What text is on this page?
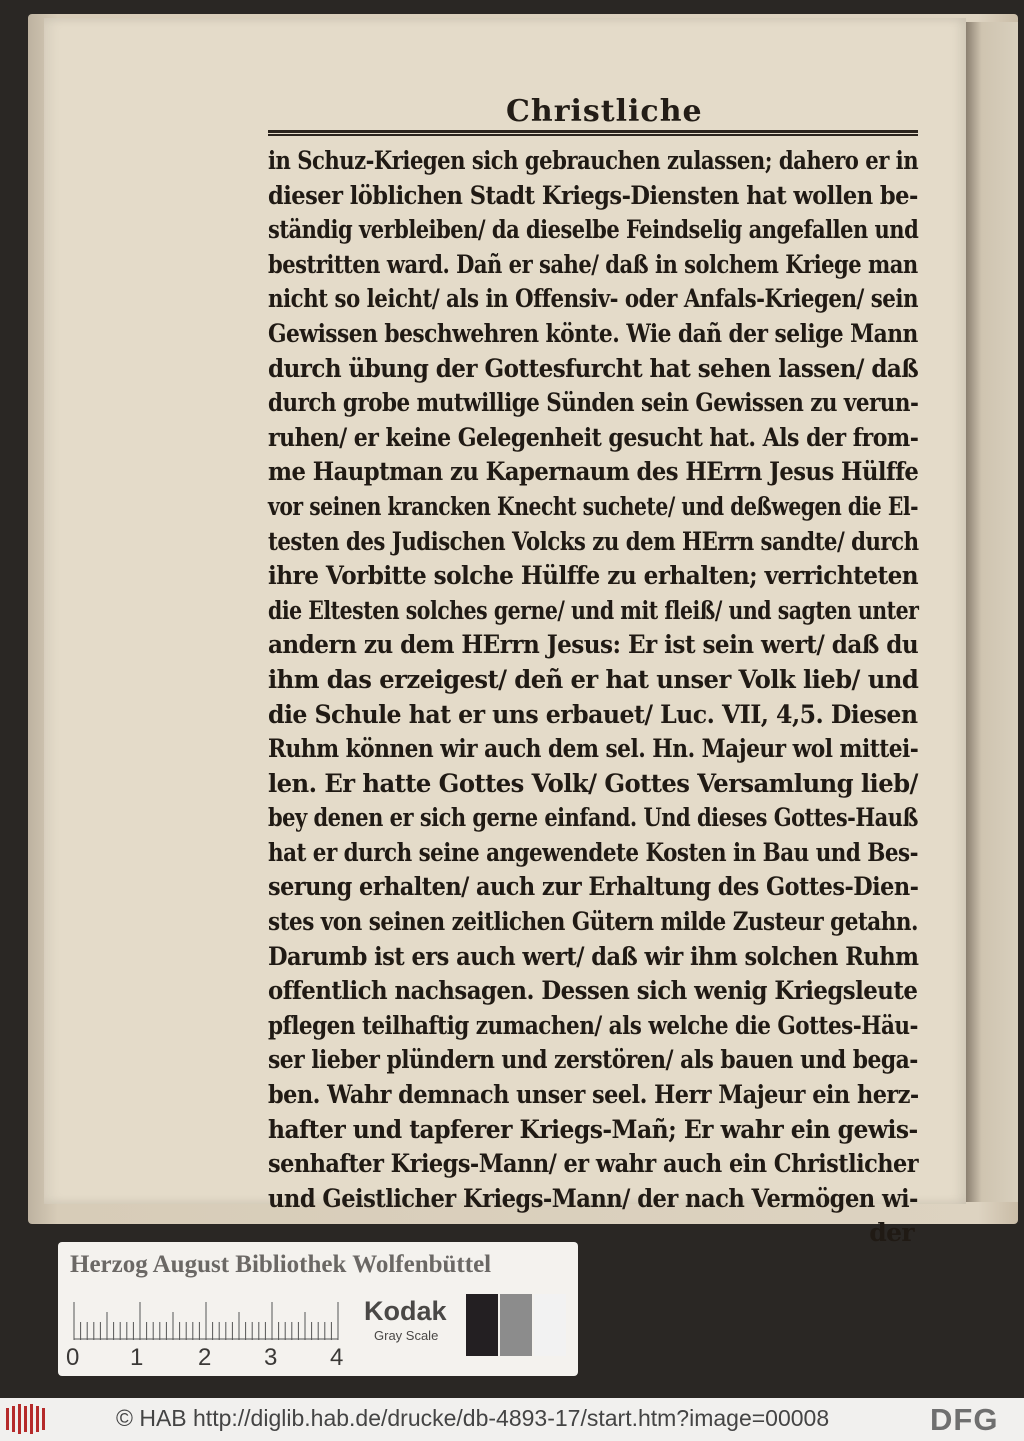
Christliche
in Schuz-Kriegen sich gebrauchen zulassen; dahero er in
dieser löblichen Stadt Kriegs-Diensten hat wollen be-
ständig verbleiben/ da dieselbe Feindselig angefallen und
bestritten ward. Dañ er sahe/ daß in solchem Kriege man
nicht so leicht/ als in Offensiv- oder Anfals-Kriegen/ sein
Gewissen beschwehren könte. Wie dañ der selige Mann
durch übung der Gottesfurcht hat sehen lassen/ daß
durch grobe mutwillige Sünden sein Gewissen zu verun-
ruhen/ er keine Gelegenheit gesucht hat. Als der from-
me Hauptman zu Kapernaum des HErrn Jesus Hülffe
vor seinen krancken Knecht suchete/ und deßwegen die El-
testen des Judischen Volcks zu dem HErrn sandte/ durch
ihre Vorbitte solche Hülffe zu erhalten; verrichteten
die Eltesten solches gerne/ und mit fleiß/ und sagten unter
andern zu dem HErrn Jesus: Er ist sein wert/ daß du
ihm das erzeigest/ deñ er hat unser Volk lieb/ und
die Schule hat er uns erbauet/ Luc. VII, 4,5. Diesen
Ruhm können wir auch dem sel. Hn. Majeur wol mittei-
len. Er hatte Gottes Volk/ Gottes Versamlung lieb/
bey denen er sich gerne einfand. Und dieses Gottes-Hauß
hat er durch seine angewendete Kosten in Bau und Bes-
serung erhalten/ auch zur Erhaltung des Gottes-Dien-
stes von seinen zeitlichen Gütern milde Zusteur getahn.
Darumb ist ers auch wert/ daß wir ihm solchen Ruhm
offentlich nachsagen. Dessen sich wenig Kriegsleute
pflegen teilhaftig zumachen/ als welche die Gottes-Häu-
ser lieber plündern und zerstören/ als bauen und bega-
ben. Wahr demnach unser seel. Herr Majeur ein herz-
hafter und tapferer Kriegs-Mañ; Er wahr ein gewis-
senhafter Kriegs-Mann/ er wahr auch ein Christlicher
und Geistlicher Kriegs-Mann/ der nach Vermögen wi-
der
Herzog August Bibliothek Wolfenbüttel
0 1 2 3 4
Kodak
Gray Scale
© HAB http://diglib.hab.de/drucke/db-4893-17/start.htm?image=00008	DFG
